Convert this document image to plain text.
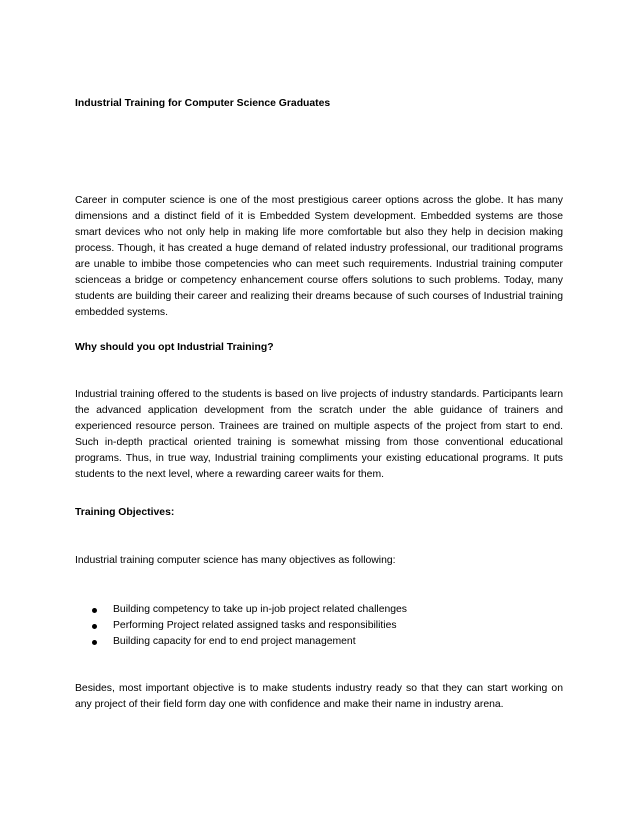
Industrial Training for Computer Science Graduates

Career in computer science is one of the most prestigious career options across the globe. It has many dimensions and a distinct field of it is Embedded System development. Embedded systems are those smart devices who not only help in making life more comfortable but also they help in decision making process. Though, it has created a huge demand of related industry professional, our traditional programs are unable to imbibe those competencies who can meet such requirements. Industrial training computer scienceas a bridge or competency enhancement course offers solutions to such problems. Today, many students are building their career and realizing their dreams because of such courses of Industrial training embedded systems.

Why should you opt Industrial Training?

Industrial training offered to the students is based on live projects of industry standards. Participants learn the advanced application development from the scratch under the able guidance of trainers and experienced resource person. Trainees are trained on multiple aspects of the project from start to end. Such in-depth practical oriented training is somewhat missing from those conventional educational programs. Thus, in true way, Industrial training compliments your existing educational programs. It puts students to the next level, where a rewarding career waits for them.

Training Objectives:

Industrial training computer science has many objectives as following:

Building competency to take up in-job project related challenges
Performing Project related assigned tasks and responsibilities
Building capacity for end to end project management

Besides, most important objective is to make students industry ready so that they can start working on any project of their field form day one with confidence and make their name in industry arena.
